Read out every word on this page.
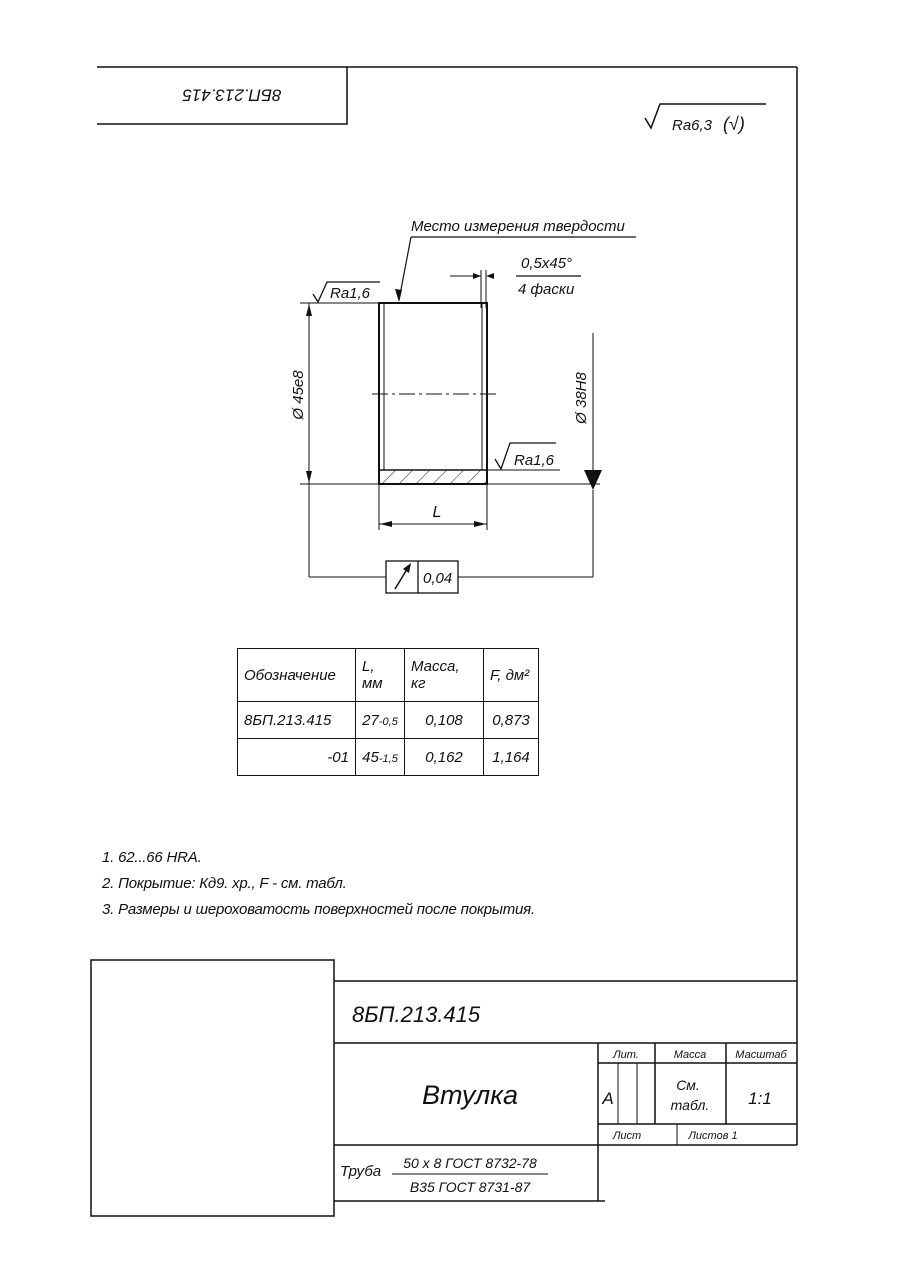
8БП.213.415
Ra6,3 (√)
Место измерения твердости
0,5x45°
4 фаски
Ra1,6
Ra1,6
Ø 45e8	Ø 38H8
L
↗
0,04
8БП.213.415
Втулка
Лит.	Масса	Масштаб
А
См.
табл. 1:1
Лист	Листов 1
Труба 50 х 8 ГОСТ 8732-78
В35 ГОСТ 8731-87
Обозначение	L, мм	Масса, кг	F, дм²
8БП.213.415	27-0,5	0,108	0,873
-01	45-1,5	0,162	1,164
1. 62...66 HRA.
2. Покрытие: Кд9. хр., F - см. табл.
3. Размеры и шероховатость поверхностей после покрытия.
